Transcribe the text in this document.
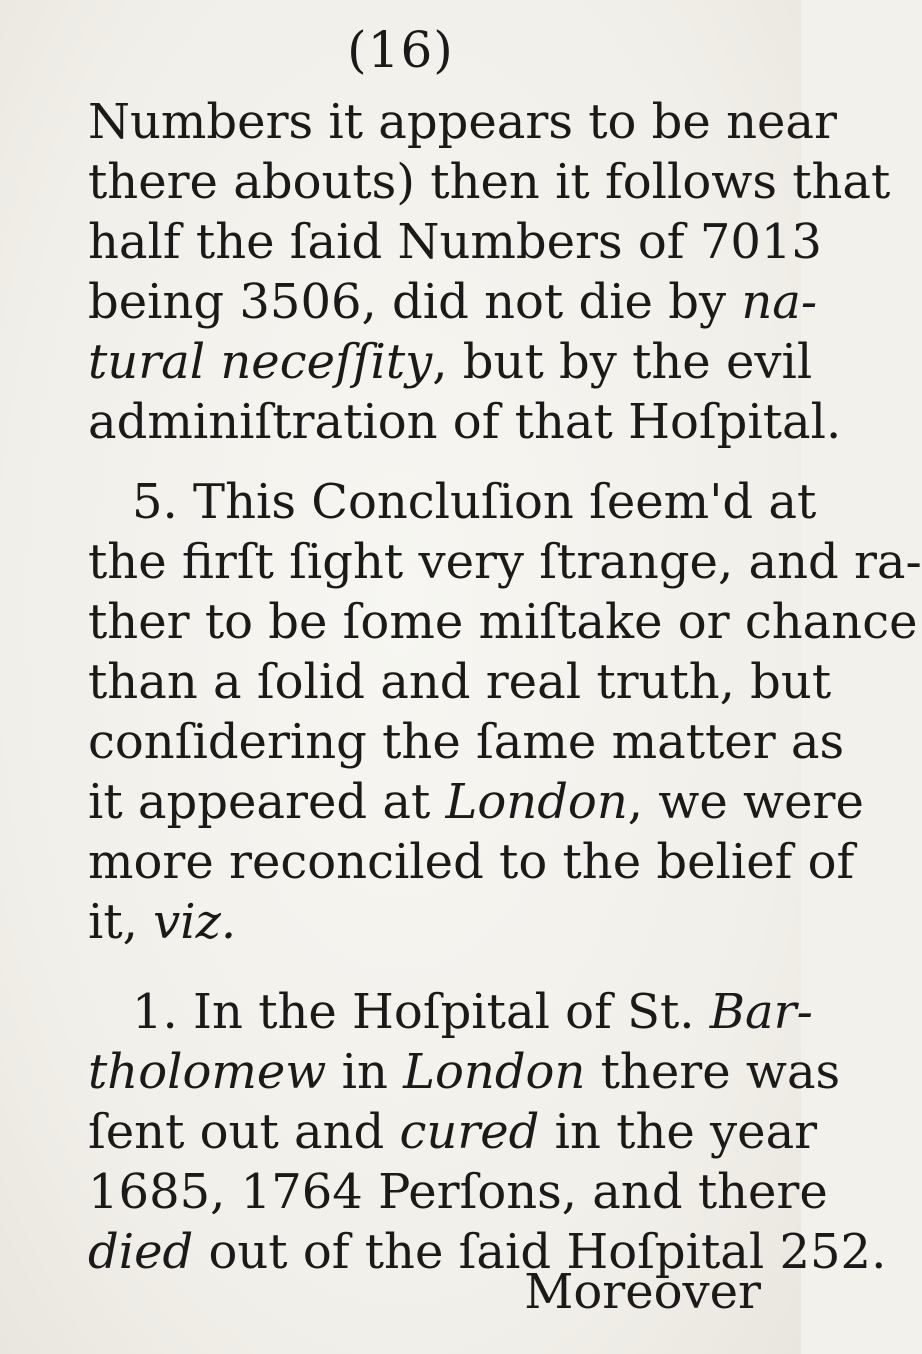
(16)
Numbers it appears to be near
there abouts) then it follows that
half the ſaid Numbers of 7013
being 3506, did not die by na-
tural neceſſity, but by the evil
adminiſtration of that Hoſpital.
5. This Concluſion ſeem'd at
the firſt ſight very ſtrange, and ra-
ther to be ſome miſtake or chance
than a ſolid and real truth, but
conſidering the ſame matter as
it appeared at London, we were
more reconciled to the belief of
it, viz.
1. In the Hoſpital of St. Bar-
tholomew in London there was
ſent out and cured in the year
1685, 1764 Perſons, and there
died out of the ſaid Hoſpital 252.
Moreover
